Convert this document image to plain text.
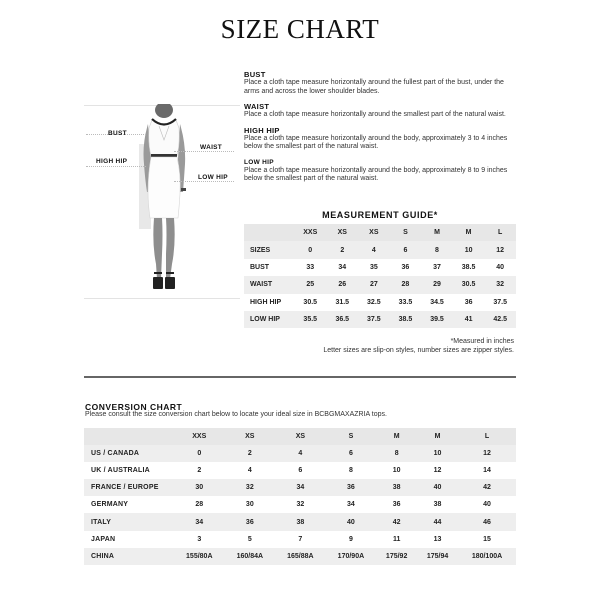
SIZE CHART
BUST
WAIST
HIGH HIP
LOW HIP
BUST
Place a cloth tape measure horizontally around the fullest part of the bust, under the arms and across the lower shoulder blades.
WAIST
Place a cloth tape measure horizontally around the smallest part of the natural waist.
HIGH HIP
Place a cloth tape measure horizontally around the body, approximately 3 to 4 inches below the smallest part of the natural waist.
LOW HIP
Place a cloth tape measure horizontally around the body, approximately 8 to 9 inches below the smallest part of the natural waist.
MEASUREMENT GUIDE*
	XXS	XS	XS	S	M	M	L
SIZES	0	2	4	6	8	10	12
BUST	33	34	35	36	37	38.5	40
WAIST	25	26	27	28	29	30.5	32
HIGH HIP	30.5	31.5	32.5	33.5	34.5	36	37.5
LOW HIP	35.5	36.5	37.5	38.5	39.5	41	42.5
*Measured in inches
Letter sizes are slip-on styles, number sizes are zipper styles.
CONVERSION CHART
Please consult the size conversion chart below to locate your ideal size in BCBGMAXAZRIA tops.
	XXS	XS	XS	S	M	M	L
US / CANADA	0	2	4	6	8	10	12
UK / AUSTRALIA	2	4	6	8	10	12	14
FRANCE / EUROPE	30	32	34	36	38	40	42
GERMANY	28	30	32	34	36	38	40
ITALY	34	36	38	40	42	44	46
JAPAN	3	5	7	9	11	13	15
CHINA	155/80A	160/84A	165/88A	170/90A	175/92	175/94	180/100A
